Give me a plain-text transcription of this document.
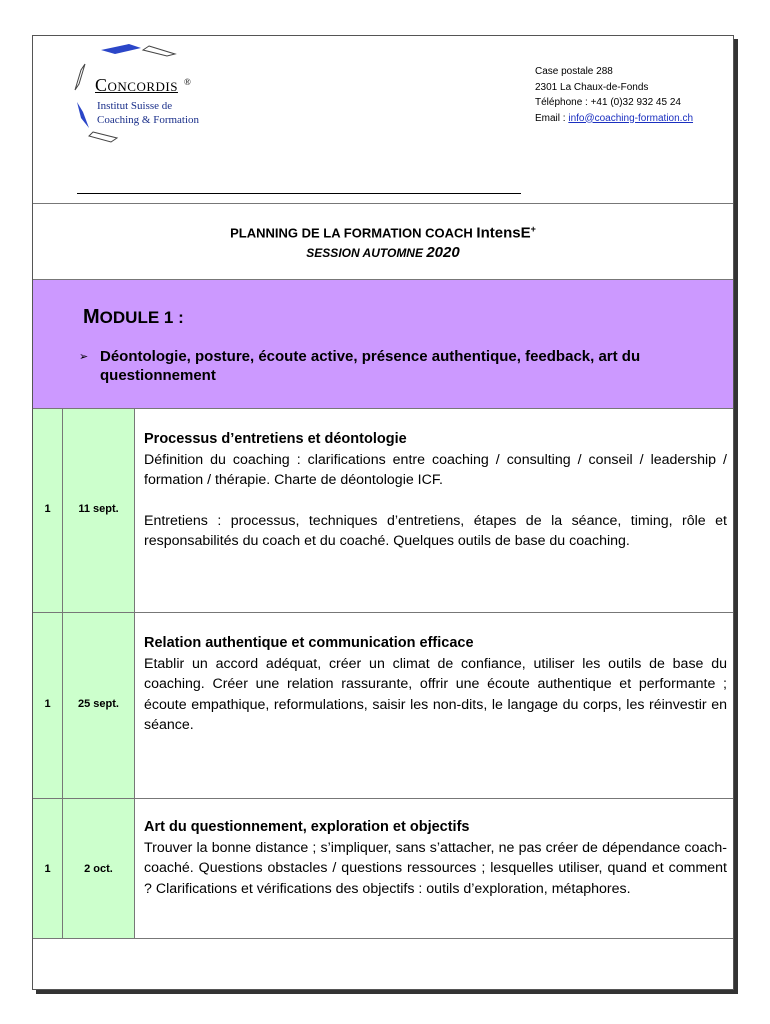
Concordis ®
Institut Suisse de
Coaching & Formation
Case postale 288
2301 La Chaux-de-Fonds
Téléphone : +41 (0)32 932 45 24
Email : info@coaching-formation.ch
PLANNING DE LA FORMATION COACH IntensE+
SESSION AUTOMNE 2020
MODULE 1 :
➢ Déontologie, posture, écoute active, présence authentique, feedback, art du questionnement
1	11 sept.
Processus d’entretiens et déontologie

Définition du coaching : clarifications entre coaching / consulting / conseil / leadership / formation / thérapie. Charte de déontologie ICF.

Entretiens : processus, techniques d’entretiens, étapes de la séance, timing, rôle et responsabilités du coach et du coaché. Quelques outils de base du coaching.

1	25 sept.
Relation authentique et communication efficace

Etablir un accord adéquat, créer un climat de confiance, utiliser les outils de base du coaching. Créer une relation rassurante, offrir une écoute authentique et performante ; écoute empathique, reformulations, saisir les non-dits, le langage du corps, les réinvestir en séance.

1	2 oct.
Art du questionnement, exploration et objectifs

Trouver la bonne distance ; s’impliquer, sans s’attacher, ne pas créer de dépendance coach-coaché. Questions obstacles / questions ressources ; lesquelles utiliser, quand et comment ? Clarifications et vérifications des objectifs : outils d’exploration, métaphores.
